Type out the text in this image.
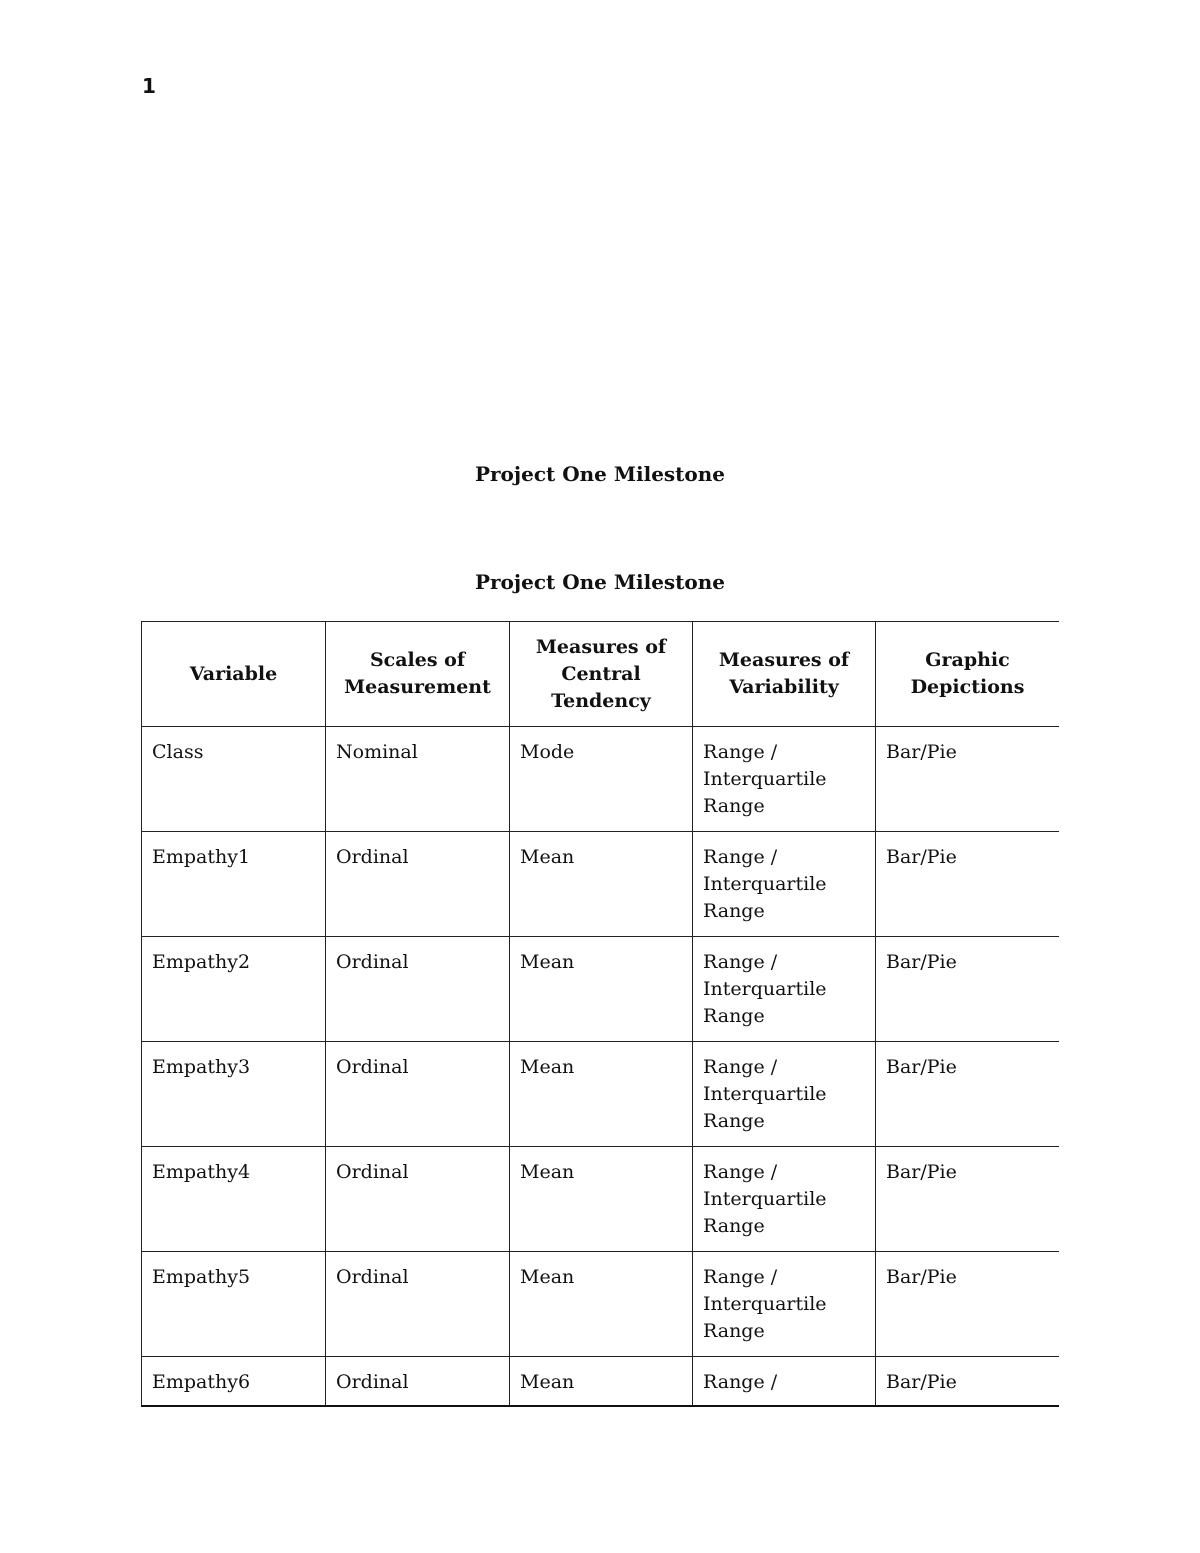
1
Project One Milestone
Project One Milestone
Variable	Scales of Measurement	Measures of Central Tendency	Measures of Variability	Graphic Depictions
Class	Nominal	Mode	Range / Interquartile Range	Bar/Pie
Empathy1	Ordinal	Mean	Range / Interquartile Range	Bar/Pie
Empathy2	Ordinal	Mean	Range / Interquartile Range	Bar/Pie
Empathy3	Ordinal	Mean	Range / Interquartile Range	Bar/Pie
Empathy4	Ordinal	Mean	Range / Interquartile Range	Bar/Pie
Empathy5	Ordinal	Mean	Range / Interquartile Range	Bar/Pie
Empathy6	Ordinal	Mean	Range /	Bar/Pie
